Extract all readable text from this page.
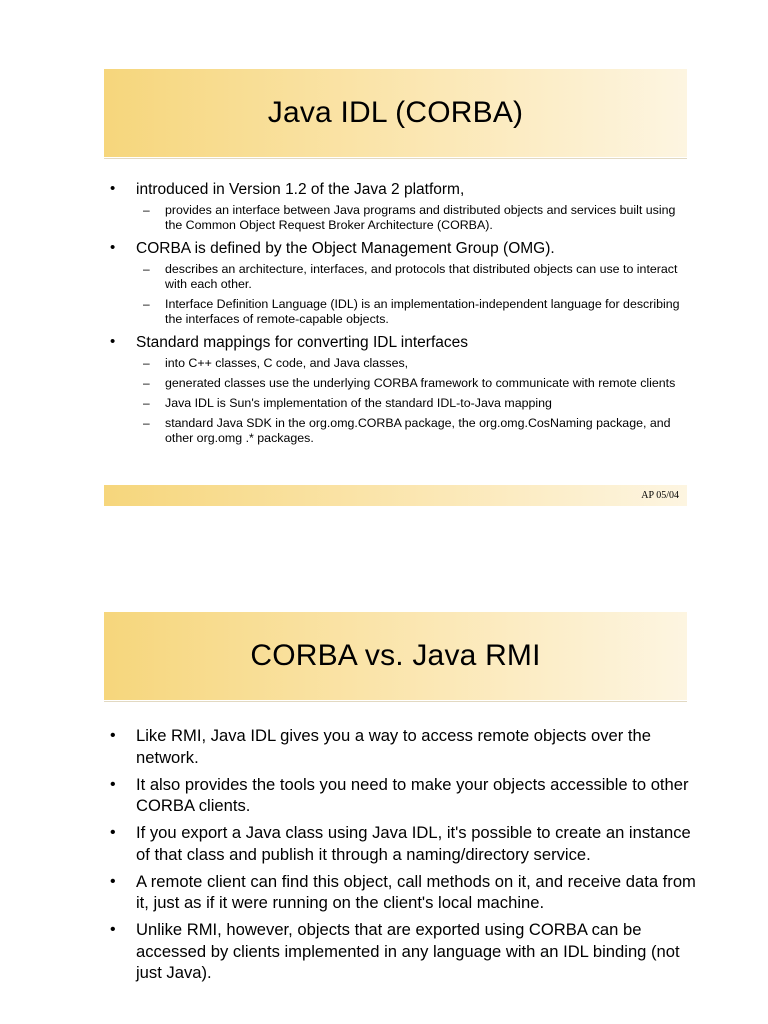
Java IDL (CORBA)
• introduced in Version 1.2 of the Java 2 platform,
– provides an interface between Java programs and distributed objects and services built using the Common Object Request Broker Architecture (CORBA).
• CORBA is defined by the Object Management Group (OMG).
– describes an architecture, interfaces, and protocols that distributed objects can use to interact with each other.
– Interface Definition Language (IDL) is an implementation-independent language for describing the interfaces of remote-capable objects.
• Standard mappings for converting IDL interfaces
– into C++ classes, C code, and Java classes,
– generated classes use the underlying CORBA framework to communicate with remote clients
– Java IDL is Sun's implementation of the standard IDL-to-Java mapping
– standard Java SDK in the org.omg.CORBA package, the org.omg.CosNaming package, and other org.omg .* packages.
AP 05/04
CORBA vs. Java RMI
• Like RMI, Java IDL gives you a way to access remote objects over the network.
• It also provides the tools you need to make your objects accessible to other CORBA clients.
• If you export a Java class using Java IDL, it's possible to create an instance of that class and publish it through a naming/directory service.
• A remote client can find this object, call methods on it, and receive data from it, just as if it were running on the client's local machine.
• Unlike RMI, however, objects that are exported using CORBA can be accessed by clients implemented in any language with an IDL binding (not just Java).
